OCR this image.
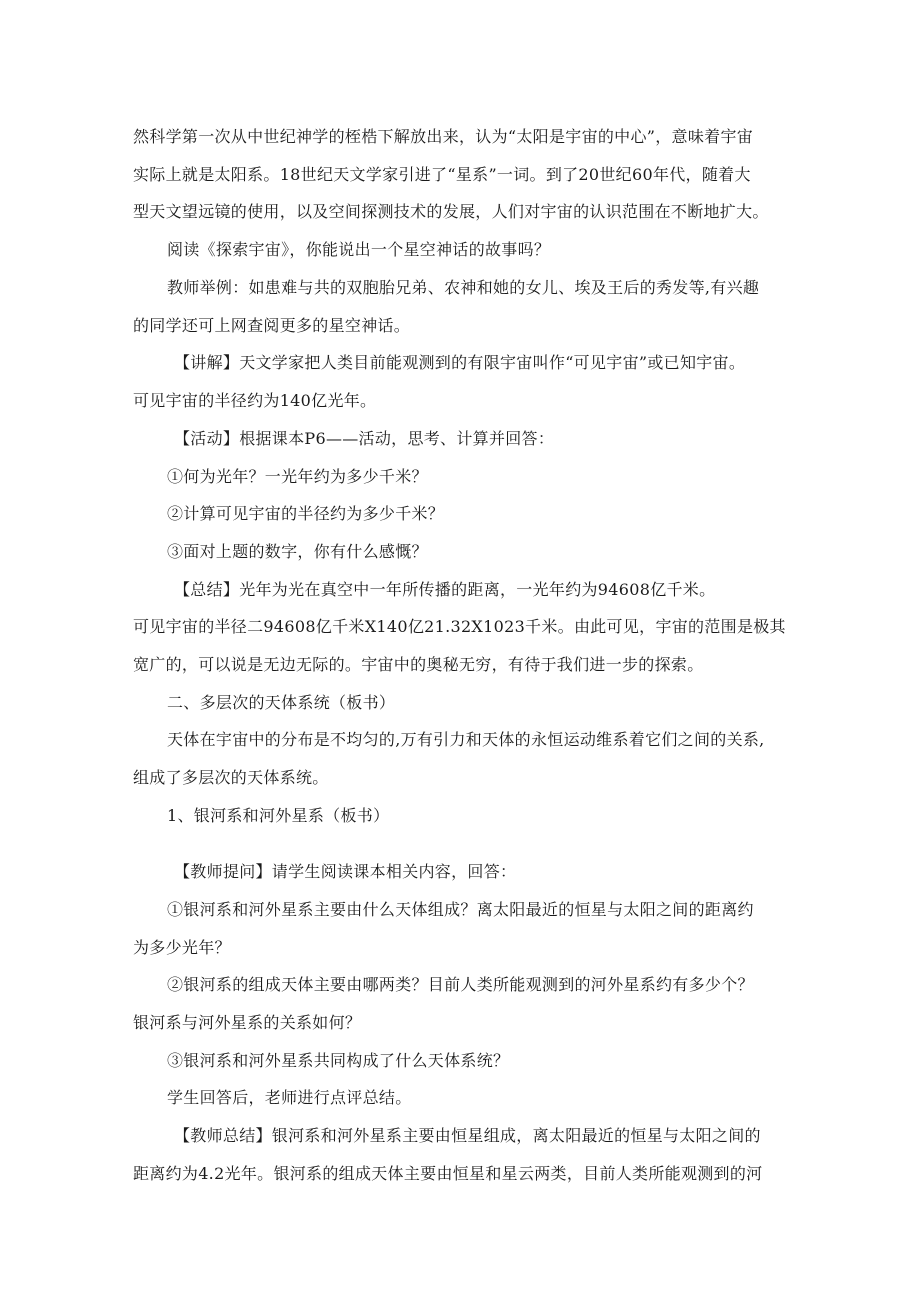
然科学第一次从中世纪神学的桎梏下解放出来，认为“太阳是宇宙的中心”，意味着宇宙
实际上就是太阳系。18世纪天文学家引进了“星系”一词。到了20世纪60年代，随着大
型天文望远镜的使用，以及空间探测技术的发展，人们对宇宙的认识范围在不断地扩大。
阅读《探索宇宙》，你能说出一个星空神话的故事吗？
教师举例：如患难与共的双胞胎兄弟、农神和她的女儿、埃及王后的秀发等,有兴趣
的同学还可上网查阅更多的星空神话。
【讲解】天文学家把人类目前能观测到的有限宇宙叫作“可见宇宙”或已知宇宙。
可见宇宙的半径约为140亿光年。
【活动】根据课本P6——活动，思考、计算并回答：
①何为光年？一光年约为多少千米？
②计算可见宇宙的半径约为多少千米？
③面对上题的数字，你有什么感慨？
【总结】光年为光在真空中一年所传播的距离，一光年约为94608亿千米。
可见宇宙的半径二94608亿千米X140亿21.32X1023千米。由此可见，宇宙的范围是极其
宽广的，可以说是无边无际的。宇宙中的奥秘无穷，有待于我们进一步的探索。
二、多层次的天体系统（板书）
天体在宇宙中的分布是不均匀的,万有引力和天体的永恒运动维系着它们之间的关系,
组成了多层次的天体系统。
1、银河系和河外星系（板书）
【教师提问】请学生阅读课本相关内容，回答：
①银河系和河外星系主要由什么天体组成？离太阳最近的恒星与太阳之间的距离约
为多少光年？
②银河系的组成天体主要由哪两类？目前人类所能观测到的河外星系约有多少个？
银河系与河外星系的关系如何？
③银河系和河外星系共同构成了什么天体系统？
学生回答后，老师进行点评总结。
【教师总结】银河系和河外星系主要由恒星组成，离太阳最近的恒星与太阳之间的
距离约为4.2光年。银河系的组成天体主要由恒星和星云两类，目前人类所能观测到的河
